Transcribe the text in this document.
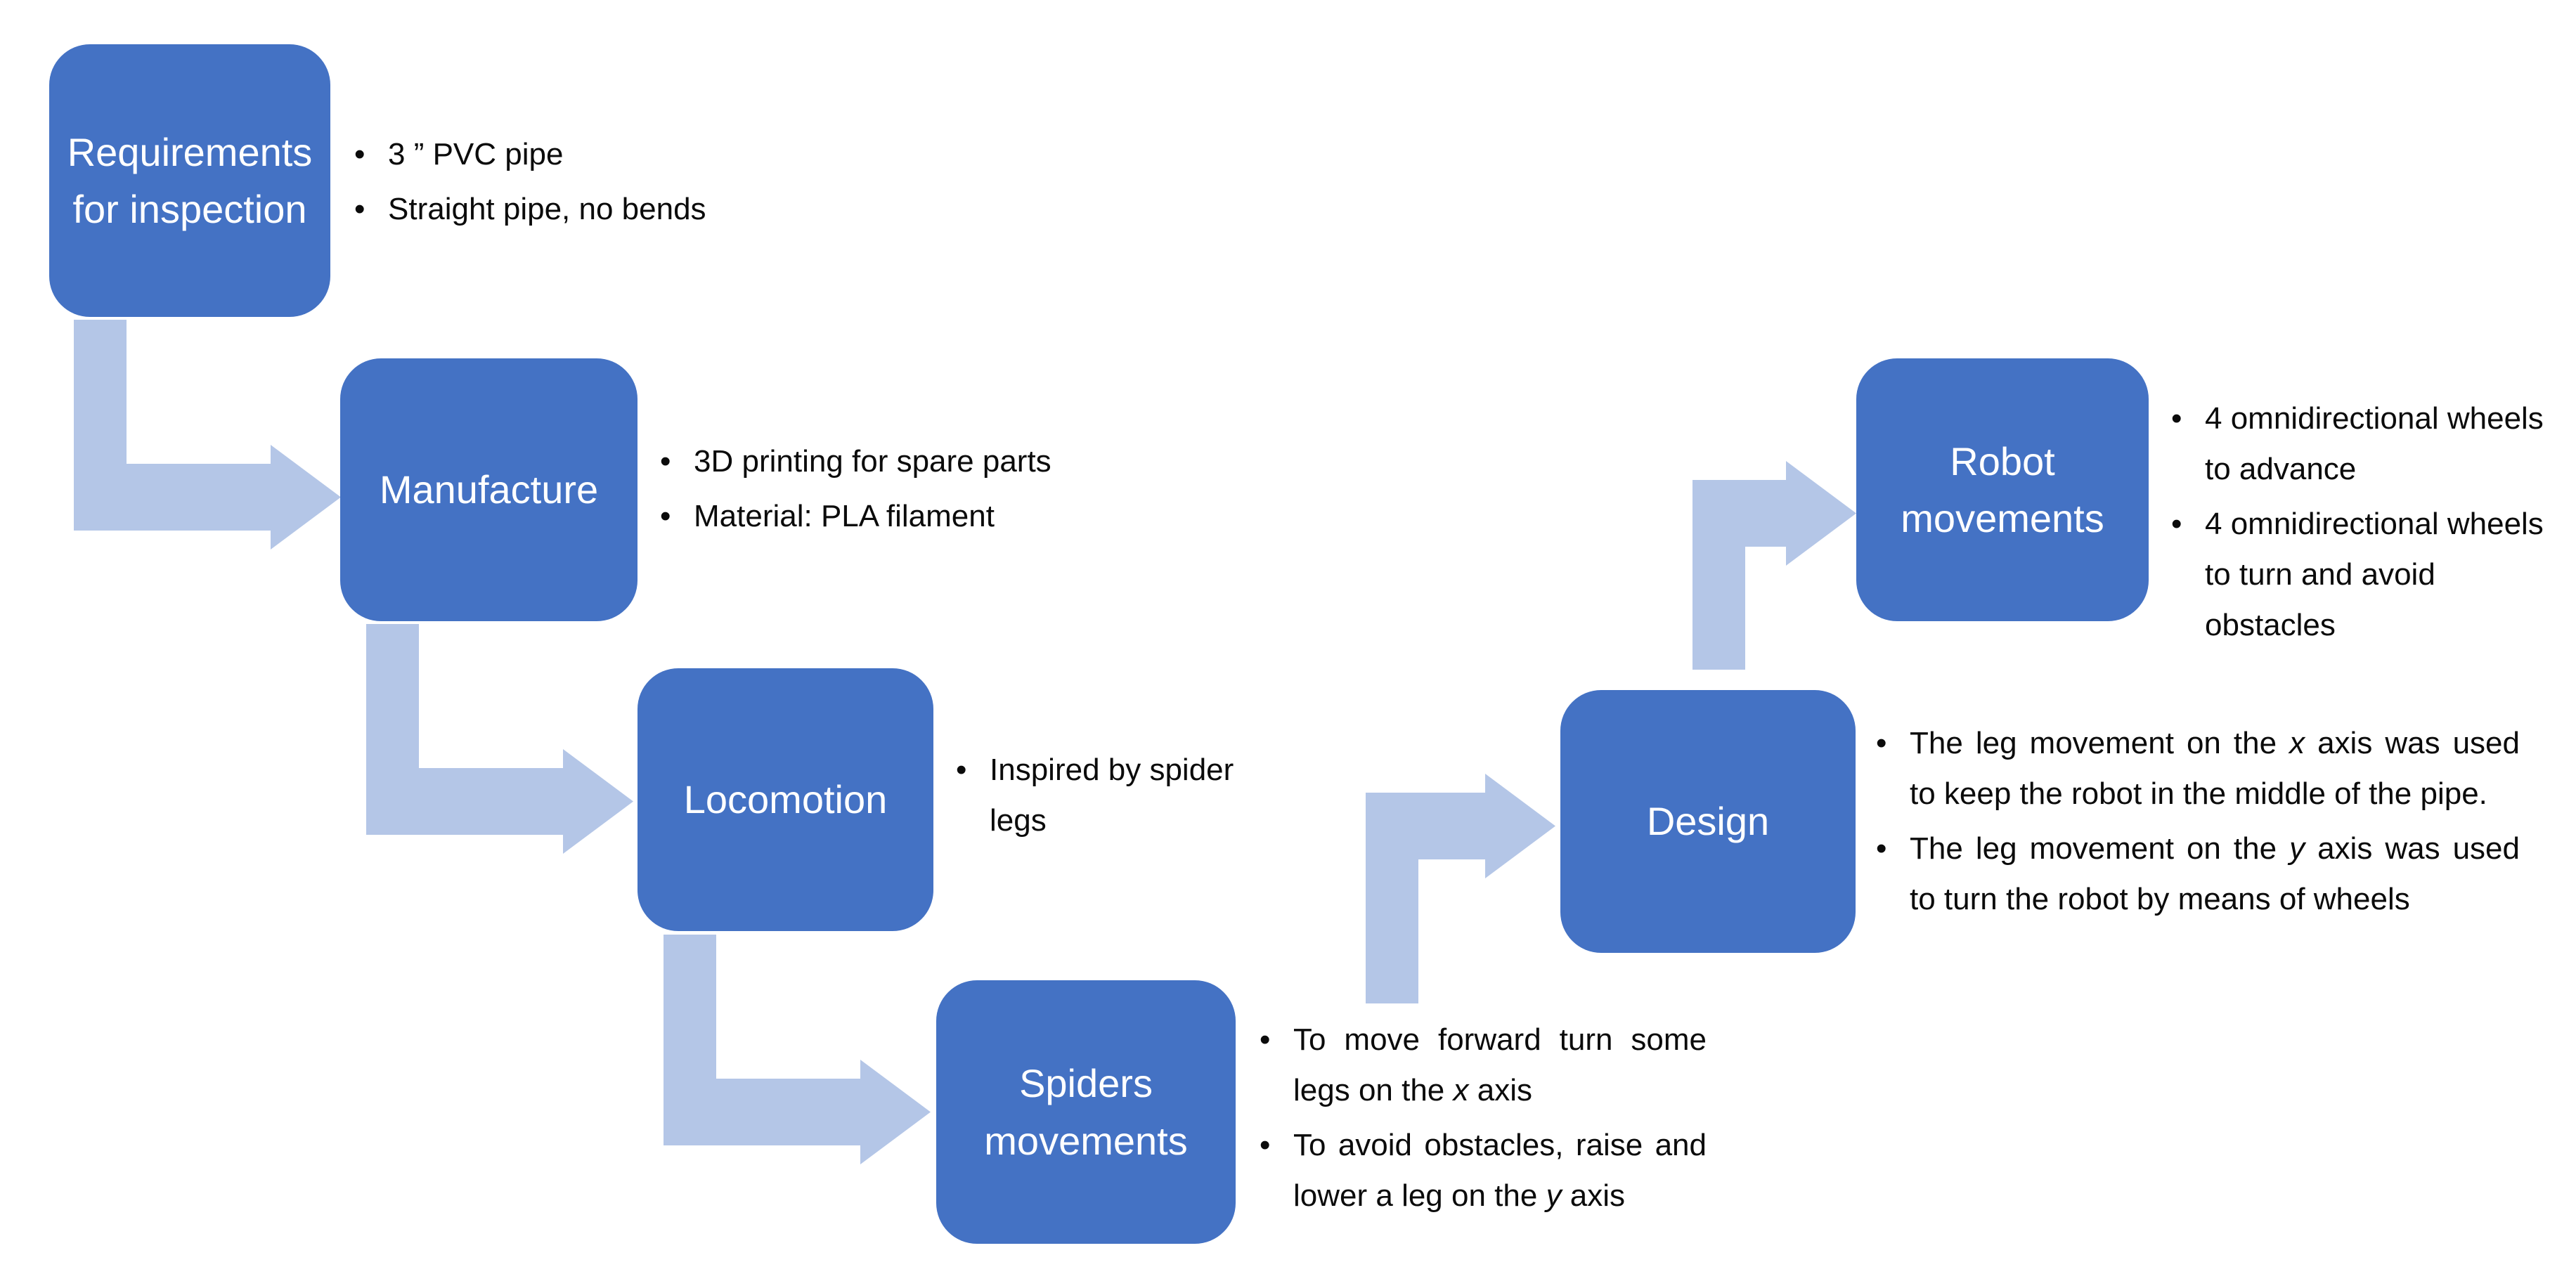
Requirements for inspection
• 3 ” PVC pipe
• Straight pipe, no bends
Manufacture
• 3D printing for spare parts
• Material: PLA filament
Locomotion
• Inspired by spider legs
Spiders movements
• To move forward turn some legs on the x axis
• To avoid obstacles, raise and lower a leg on the y axis
Design
• The leg movement on the x axis was used to keep the robot in the middle of the pipe.
• The leg movement on the y axis was used to turn the robot by means of wheels
Robot movements
• 4 omnidirectional wheels to advance
• 4 omnidirectional wheels to turn and avoid obstacles
